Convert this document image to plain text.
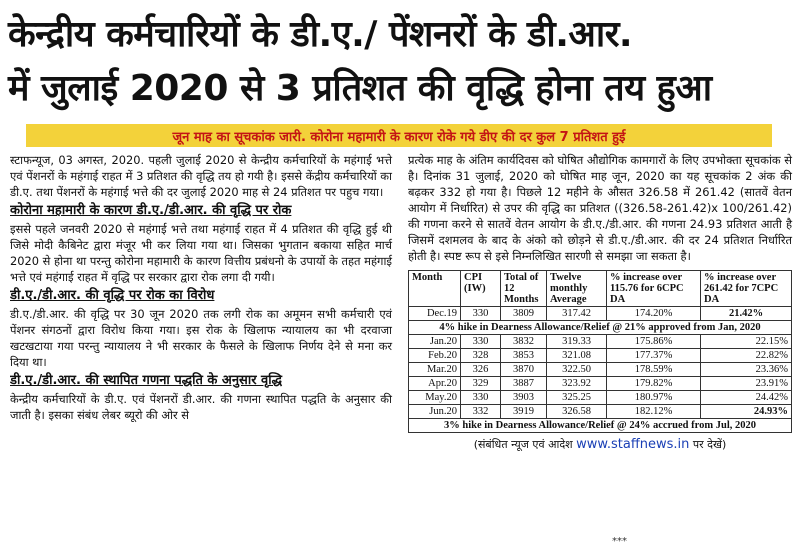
केन्द्रीय कर्मचारियों के डी.ए./ पेंशनरों के डी.आर.
में जुलाई 2020 से 3 प्रतिशत की वृद्धि होना तय हुआ
जून माह का सूचकांक जारी. कोरोना महामारी के कारण रोके गये डीए की दर कुल 7 प्रतिशत हुई

स्टाफन्यूज, 03 अगस्त, 2020. पहली जुलाई 2020 से केन्द्रीय कर्मचारियों के महंगाई भत्ते एवं पेंशनरों के महंगाई राहत में 3 प्रतिशत की वृद्धि तय हो गयी है। इससे केंद्रीय कर्मचारियों का डी.ए. तथा पेंशनरों के महंगाई भत्ते की दर जुलाई 2020 माह से 24 प्रतिशत पर पहुच गया।

कोरोना महामारी के कारण डी.ए./डी.आर. की वृद्धि पर रोक

इससे पहले जनवरी 2020 से महंगाई भत्ते तथा महंगाई राहत में 4 प्रतिशत की वृद्धि हुई थी जिसे मोदी कैबिनेट द्वारा मंजूर भी कर लिया गया था। जिसका भुगतान बकाया सहित मार्च 2020 से होना था परन्तु कोरोना महामारी के कारण वित्तीय प्रबंधनो के उपायों के तहत महंगाई भत्ते एवं महंगाई राहत में वृद्धि पर सरकार द्वारा रोक लगा दी गयी।

डी.ए./डी.आर. की वृद्धि पर रोक का विरोध

डी.ए./डी.आर. की वृद्धि पर 30 जून 2020 तक लगी रोक का अमूमन सभी कर्मचारी एवं पेंशनर संगठनों द्वारा विरोध किया गया। इस रोक के खिलाफ न्यायालय का भी दरवाजा खटखटाया गया परन्तु न्यायालय ने भी सरकार के फैसले के खिलाफ निर्णय देने से मना कर दिया था।

डी.ए./डी.आर. की स्थापित गणना पद्धति के अनुसार वृद्धि

केन्द्रीय कर्मचारियों के डी.ए. एवं पेंशनरों डी.आर. की गणना स्थापित पद्धति के अनुसार की जाती है। इसका संबंध लेबर ब्यूरो की ओर से

प्रत्येक माह के अंतिम कार्यदिवस को घोषित औद्योगिक कामगारों के लिए उपभोक्ता सूचकांक से है। दिनांक 31 जुलाई, 2020 को घोषित माह जून, 2020 का यह सूचकांक 2 अंक की बढ़कर 332 हो गया है। पिछले 12 महीने के औसत 326.58 में 261.42 (सातवें वेतन आयोग में निर्धारित) से उपर की वृद्धि का प्रतिशत ((326.58-261.42)x 100/261.42) की गणना करने से सातवें वेतन आयोग के डी.ए./डी.आर. की गणना 24.93 प्रतिशत आती है जिसमें दशमलव के बाद के अंको को छोड़ने से डी.ए./डी.आर. की दर 24 प्रतिशत निर्धारित होती है। स्पष्ट रूप से इसे निम्नलिखित सारणी से समझा जा सकता है।

Month	CPI (IW)	Total of 12 Months	Twelve monthly Average	% increase over 115.76 for 6CPC DA	% increase over 261.42 for 7CPC DA
Dec.19	330	3809	317.42	174.20%	21.42%
4% hike in Dearness Allowance/Relief @ 21% approved from Jan, 2020					
Jan.20	330	3832	319.33	175.86%	22.15%
Feb.20	328	3853	321.08	177.37%	22.82%
Mar.20	326	3870	322.50	178.59%	23.36%
Apr.20	329	3887	323.92	179.82%	23.91%
May.20	330	3903	325.25	180.97%	24.42%
Jun.20	332	3919	326.58	182.12%	24.93%
3% hike in Dearness Allowance/Relief @ 24% accrued from Jul, 2020					
(संबंधित न्यूज एवं आदेश www.staffnews.in पर देखें)
***
